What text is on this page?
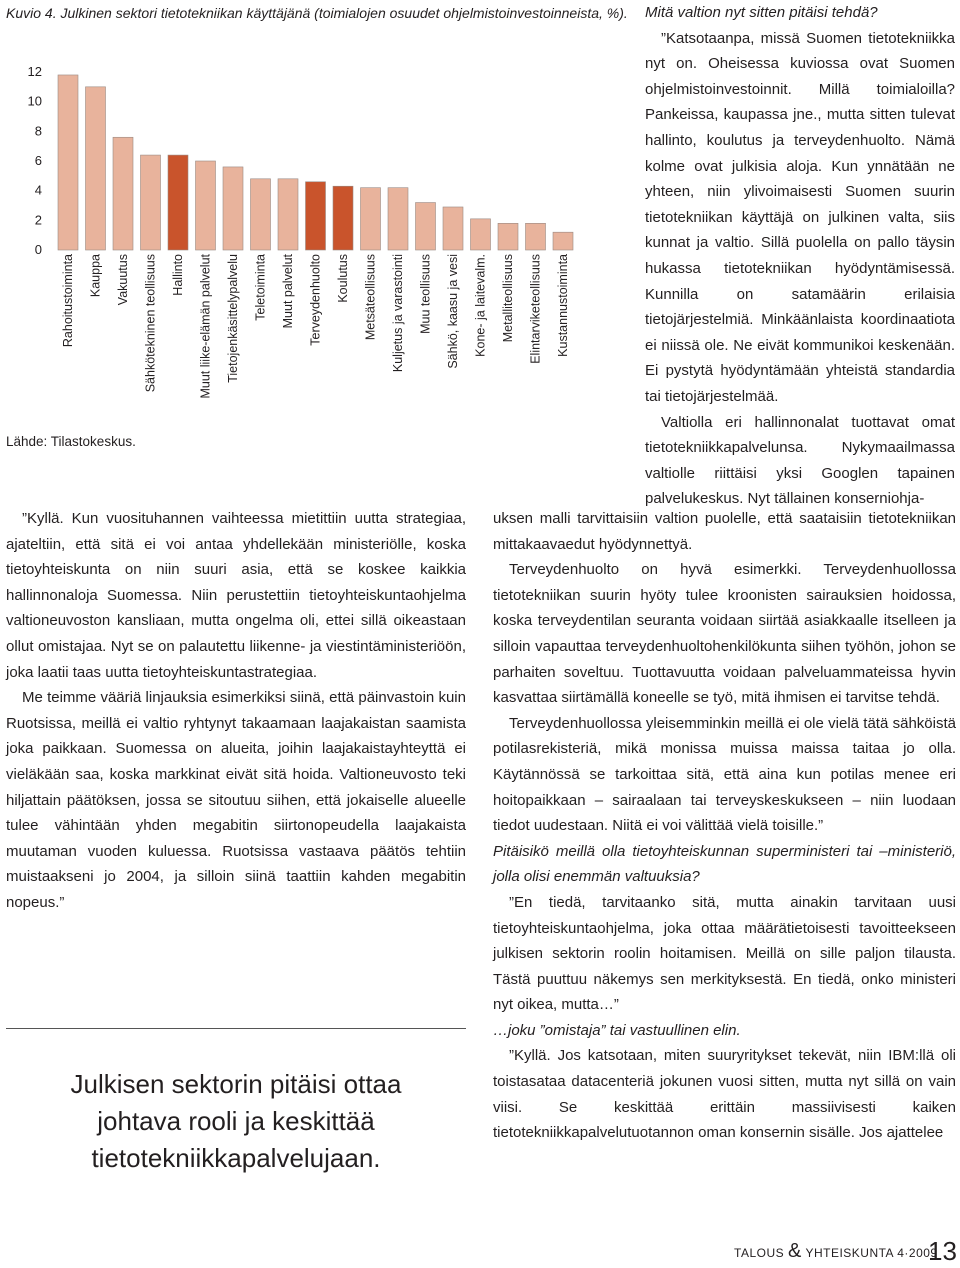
Kuvio 4. Julkinen sektori tietotekniikan käyttäjänä (toimialojen osuudet ohjelmistoinvestoinneista, %).
0
2
4
6
8
10
12
Rahoitustoiminta Kauppa Vakuutus Sähkötekninen teollisuus Hallinto Muut liike-elämän palvelut Tietojenkäsittelypalvelu Teletoiminta Muut palvelut Terveydenhuolto Koulutus Metsäteollisuus Kuljetus ja varastointi Muu teollisuus Sähkö, kaasu ja vesi Kone- ja laitevalm. Metalliteollisuus Elintarviketeollisuus Kustannustoiminta
Lähde: Tilastokeskus.

Mitä valtion nyt sitten pitäisi tehdä?

”Katsotaanpa, missä Suomen tietotekniikka nyt on. Oheisessa kuviossa ovat Suomen ohjelmistoinvestoinnit. Millä toimialoilla? Pankeissa, kaupassa jne., mutta sitten tulevat hallinto, koulutus ja terveydenhuolto. Nämä kolme ovat julkisia aloja. Kun ynnätään ne yhteen, niin ylivoimaisesti Suomen suurin tietotekniikan käyttäjä on julkinen valta, siis kunnat ja valtio. Sillä puolella on pallo täysin hukassa tietotekniikan hyödyntämisessä. Kunnilla on satamäärin erilaisia tietojärjestelmiä. Minkäänlaista koordinaatiota ei niissä ole. Ne eivät kommunikoi keskenään. Ei pystytä hyödyntämään yhteistä standardia tai tietojärjestelmää.

Valtiolla eri hallinnonalat tuottavat omat tietotekniikkapalvelunsa. Nykymaailmassa valtiolle riittäisi yksi Googlen tapainen palvelukeskus. Nyt tällainen konserniohja-

”Kyllä. Kun vuosituhannen vaihteessa mietittiin uutta strategiaa, ajateltiin, että sitä ei voi antaa yhdellekään ministeriölle, koska tietoyhteiskunta on niin suuri asia, että se koskee kaikkia hallinnonaloja Suomessa. Niin perustettiin tietoyhteiskuntaohjelma valtioneuvoston kansliaan, mutta ongelma oli, ettei sillä oikeastaan ollut omistajaa. Nyt se on palautettu liikenne- ja viestintäministeriöön, joka laatii taas uutta tietoyhteiskuntastrategiaa.

Me teimme vääriä linjauksia esimerkiksi siinä, että päinvastoin kuin Ruotsissa, meillä ei valtio ryhtynyt takaamaan laajakaistan saamista joka paikkaan. Suomessa on alueita, joihin laajakaistayhteyttä ei vieläkään saa, koska markkinat eivät sitä hoida. Valtioneuvosto teki hiljattain päätöksen, jossa se sitoutuu siihen, että jokaiselle alueelle tulee vähintään yhden megabitin siirtonopeudella laajakaista muutaman vuoden kuluessa. Ruotsissa vastaava päätös tehtiin muistaakseni jo 2004, ja silloin siinä taattiin kahden megabitin nopeus.”

Julkisen sektorin pitäisi ottaa johtava rooli ja keskittää tietotekniikkapalvelujaan.

uksen malli tarvittaisiin valtion puolelle, että saataisiin tietotekniikan mittakaavaedut hyödynnettyä.

Terveydenhuolto on hyvä esimerkki. Terveydenhuollossa tietotekniikan suurin hyöty tulee kroonisten sairauksien hoidossa, koska terveydentilan seuranta voidaan siirtää asiakkaalle itselleen ja silloin vapauttaa terveydenhuoltohenkilökunta siihen työhön, johon se parhaiten soveltuu. Tuottavuutta voidaan palveluammateissa hyvin kasvattaa siirtämällä koneelle se työ, mitä ihmisen ei tarvitse tehdä.

Terveydenhuollossa yleisemminkin meillä ei ole vielä tätä sähköistä potilasrekisteriä, mikä monissa muissa maissa taitaa jo olla. Käytännössä se tarkoittaa sitä, että aina kun potilas menee eri hoitopaikkaan – sairaalaan tai terveyskeskukseen – niin luodaan tiedot uudestaan. Niitä ei voi välittää vielä toisille.”

Pitäisikö meillä olla tietoyhteiskunnan superministeri tai –ministeriö, jolla olisi enemmän valtuuksia?

”En tiedä, tarvitaanko sitä, mutta ainakin tarvitaan uusi tietoyhteiskuntaohjelma, joka ottaa määrätietoisesti tavoitteekseen julkisen sektorin roolin hoitamisen. Meillä on sille paljon tilausta. Tästä puuttuu näkemys sen merkityksestä. En tiedä, onko ministeri nyt oikea, mutta…”

…joku ”omistaja” tai vastuullinen elin.

”Kyllä. Jos katsotaan, miten suuryritykset tekevät, niin IBM:llä oli toistasataa datacenteriä jokunen vuosi sitten, mutta nyt sillä on vain viisi. Se keskittää erittäin massiivisesti kaiken tietotekniikkapalvelutuotannon oman konsernin sisälle. Jos ajattelee

TALOUS & YHTEISKUNTA 4·2009
13
